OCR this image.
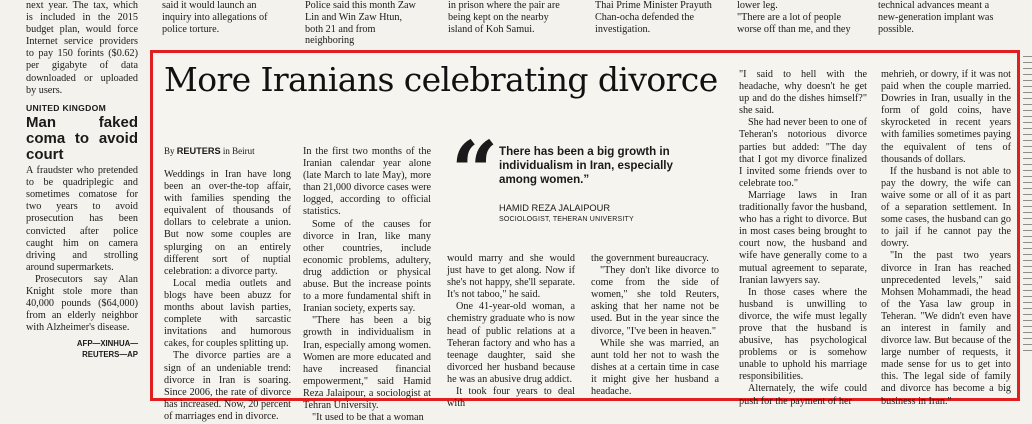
next year. The tax, which is included in the 2015 budget plan, would force Internet service providers to pay 150 forints ($0.62) per gigabyte of data downloaded or uploaded by users.

UNITED KINGDOM
Man faked coma to avoid court

A fraudster who pretended to be quadriplegic and sometimes comatose for two years to avoid prosecution has been convicted after police caught him on camera driving and strolling around supermarkets.

Prosecutors say Alan Knight stole more than 40,000 pounds ($64,000) from an elderly neighbor with Alzheimer's disease.

AFP—XINHUA—
REUTERS—AP

said it would launch an inquiry into allegations of police torture.

Police said this month Zaw Lin and Win Zaw Htun, both 21 and from neighboring

in prison where the pair are being kept on the nearby island of Koh Samui.

Thai Prime Minister Prayuth Chan-ocha defended the investigation.

lower leg.

"There are a lot of people worse off than me, and they

technical advances meant a new-generation implant was possible.

More Iranians celebrating divorce
By REUTERS in Beirut

Weddings in Iran have long been an over-the-top affair, with families spending the equivalent of thousands of dollars to celebrate a union. But now some couples are splurging on an entirely different sort of nuptial celebration: a divorce party.

Local media outlets and blogs have been abuzz for months about lavish parties, complete with sarcastic invitations and humorous cakes, for couples splitting up.

The divorce parties are a sign of an undeniable trend: divorce in Iran is soaring. Since 2006, the rate of divorce has increased. Now, 20 percent of marriages end in divorce.

In the first two months of the Iranian calendar year alone (late March to late May), more than 21,000 divorce cases were logged, according to official statistics.

Some of the causes for divorce in Iran, like many other countries, include economic problems, adultery, drug addiction or physical abuse. But the increase points to a more fundamental shift in Iranian society, experts say.

"There has been a big growth in individualism in Iran, especially among women. Women are more educated and have increased financial empowerment," said Hamid Reza Jalaipour, a sociologist at Tehran University.

"It used to be that a woman

“ There has been a big growth in individualism in Iran, especially among women.”
HAMID REZA JALAIPOUR
SOCIOLOGIST, TEHERAN UNIVERSITY

would marry and she would just have to get along. Now if she's not happy, she'll separate. It's not taboo," he said.

One 41-year-old woman, a chemistry graduate who is now head of public relations at a Teheran factory and who has a teenage daughter, said she divorced her husband because he was an abusive drug addict.

It took four years to deal with

the government bureaucracy.

"They don't like divorce to come from the side of women," she told Reuters, asking that her name not be used. But in the year since the divorce, "I've been in heaven."

While she was married, an aunt told her not to wash the dishes at a certain time in case it might give her husband a headache.

"I said to hell with the headache, why doesn't he get up and do the dishes himself?" she said.

She had never been to one of Teheran's notorious divorce parties but added: "The day that I got my divorce finalized I invited some friends over to celebrate too."

Marriage laws in Iran traditionally favor the husband, who has a right to divorce. But in most cases being brought to court now, the husband and wife have generally come to a mutual agreement to separate, Iranian lawyers say.

In those cases where the husband is unwilling to divorce, the wife must legally prove that the husband is abusive, has psychological problems or is somehow unable to uphold his marriage responsibilities.

Alternately, the wife could push for the payment of her

mehrieh, or dowry, if it was not paid when the couple married. Dowries in Iran, usually in the form of gold coins, have skyrocketed in recent years with families sometimes paying the equivalent of tens of thousands of dollars.

If the husband is not able to pay the dowry, the wife can waive some or all of it as part of a separation settlement. In some cases, the husband can go to jail if he cannot pay the dowry.

"In the past two years divorce in Iran has reached unprecedented levels," said Mohsen Mohammadi, the head of the Yasa law group in Teheran. "We didn't even have an interest in family and divorce law. But because of the large number of requests, it made sense for us to get into this. The legal side of family and divorce has become a big business in Iran."
